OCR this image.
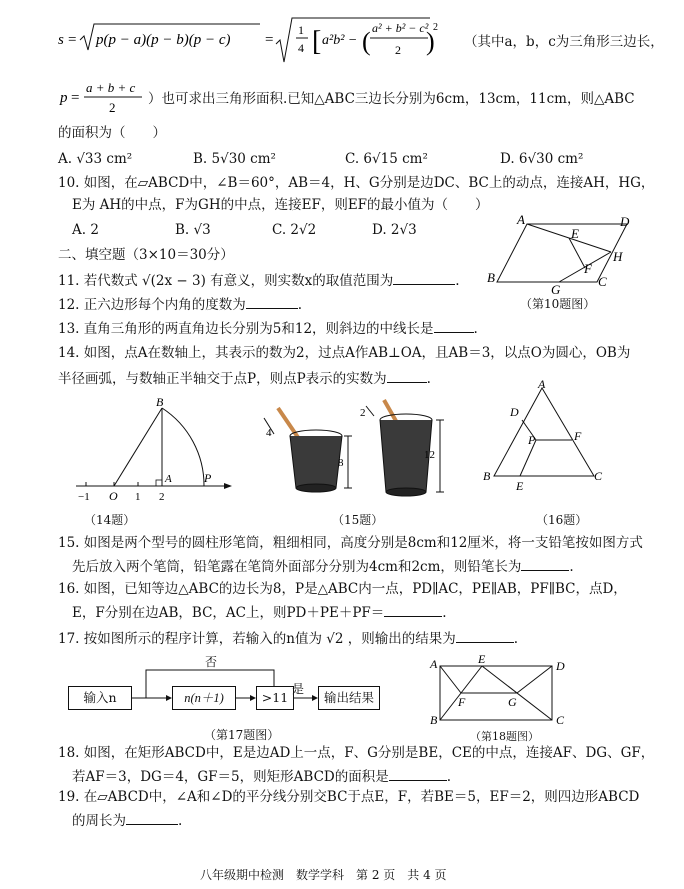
s = p(p − a)(p − b)(p − c) =
1
4 [ a²b² − ( a² + b² − c²
2 )
2
（其中a，b，c为三角形三边长，
p =
a + b + c
2
）也可求出三角形面积.已知△ABC三边长分别为6cm，13cm，11cm，则△ABC
的面积为（　　）
A. √33 cm²	B. 5√30 cm²	C. 6√15 cm²	D. 6√30 cm²
10. 如图，在▱ABCD中，∠B＝60°，AB＝4，H、G分别是边DC、BC上的动点，连接AH，HG，
E为 AH的中点，F为GH的中点，连接EF，则EF的最小值为（　　）
A. 2	B. √3	C. 2√2	D. 2√3
A	D
E
H
F
B
G
C
（第10题图）
二、填空题（3×10＝30分）
11. 若代数式 √(2x − 3) 有意义，则实数x的取值范围为	.
12. 正六边形每个内角的度数为	.
13. 直角三角形的两直角边长分别为5和12，则斜边的中线长是	.
14. 如图，点A在数轴上，其表示的数为2，过点A作AB⊥OA，且AB＝3，以点O为圆心，OB为
半径画弧，与数轴正半轴交于点P，则点P表示的实数为	.
B
−1 O 1
A
2
P
（14题）
4
8
2
12
（15题）
A
D
P	F
B
E
C
（16题）
15. 如图是两个型号的圆柱形笔筒，粗细相同，高度分别是8cm和12厘米，将一支铅笔按如图方式
先后放入两个笔筒，铅笔露在笔筒外面部分分别为4cm和2cm，则铅笔长为	.
16. 如图，已知等边△ABC的边长为8，P是△ABC内一点，PD∥AC，PE∥AB，PF∥BC，点D，
E，F分别在边AB，BC，AC上，则PD＋PE＋PF＝	.
17. 按如图所示的程序计算，若输入的n值为 √2 ，则输出的结果为	.
否
输入n	n(n＋1)	>11
是
输出结果
（第17题图）
A	E	D
F	G
B	C
（第18题图）
18. 如图，在矩形ABCD中，E是边AD上一点，F、G分别是BE，CE的中点，连接AF、DG、GF，
若AF＝3，DG＝4，GF＝5，则矩形ABCD的面积是	.
19. 在▱ABCD中，∠A和∠D的平分线分别交BC于点E，F，若BE＝5，EF＝2，则四边形ABCD
的周长为	.
八年级期中检测　数学学科　第 2 页　共 4 页
